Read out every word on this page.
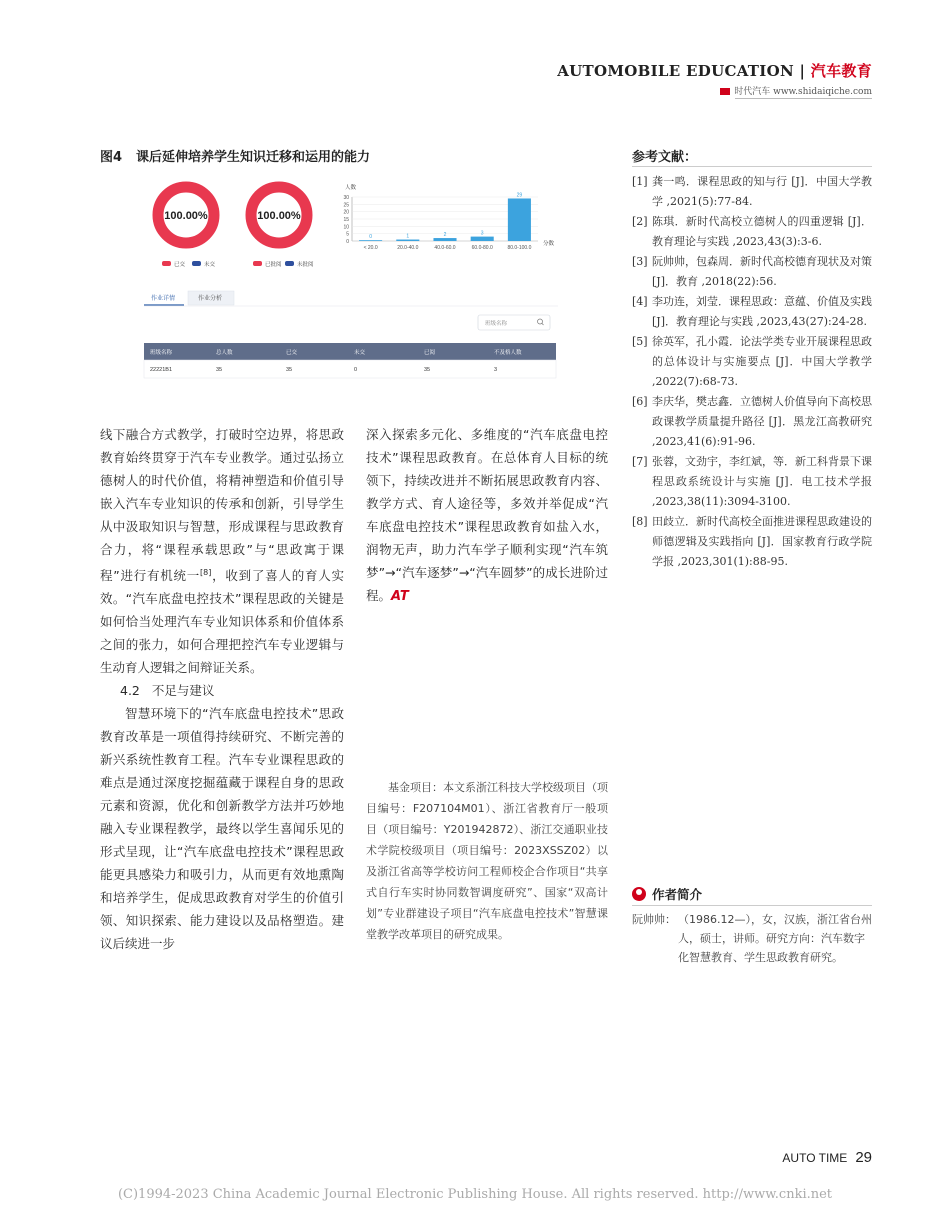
AUTOMOBILE EDUCATION | 汽车教育
时代汽车 www.shidaiqiche.com
图4 课后延伸培养学生知识迁移和运用的能力
100.00%
已交	未交
100.00%
已批阅	未批阅
人数
分数
30
25
20
15
10
5
0
0
< 20.0
1
20.0-40.0
2
40.0-60.0
3
60.0-80.0
29
80.0-100.0
作业详情	作业分析
班级名称
班级名称	总人数	已交	未交	已阅	不及格人数
22221B1	35	35	0	35	3

线下融合方式教学，打破时空边界，将思政教育始终贯穿于汽车专业教学。通过弘扬立德树人的时代价值，将精神塑造和价值引导嵌入汽车专业知识的传承和创新，引导学生从中汲取知识与智慧，形成课程与思政教育合力，将“课程承载思政”与“思政寓于课程”进行有机统一[8]，收到了喜人的育人实效。“汽车底盘电控技术”课程思政的关键是如何恰当处理汽车专业知识体系和价值体系之间的张力，如何合理把控汽车专业逻辑与生动育人逻辑之间辩证关系。

4.2 不足与建议

智慧环境下的“汽车底盘电控技术”思政教育改革是一项值得持续研究、不断完善的新兴系统性教育工程。汽车专业课程思政的难点是通过深度挖掘蕴藏于课程自身的思政元素和资源，优化和创新教学方法并巧妙地融入专业课程教学，最终以学生喜闻乐见的形式呈现，让“汽车底盘电控技术”课程思政能更具感染力和吸引力，从而更有效地熏陶和培养学生，促成思政教育对学生的价值引领、知识探索、能力建设以及品格塑造。建议后续进一步

深入探索多元化、多维度的“汽车底盘电控技术”课程思政教育。在总体育人目标的统领下，持续改进并不断拓展思政教育内容、教学方式、育人途径等，多效并举促成“汽车底盘电控技术”课程思政教育如盐入水，润物无声，助力汽车学子顺利实现“汽车筑梦”→“汽车逐梦”→“汽车圆梦”的成长进阶过程。AT

基金项目：本文系浙江科技大学校级项目（项目编号：F207104M01）、浙江省教育厅一般项目（项目编号：Y201942872）、浙江交通职业技术学院校级项目（项目编号：2023XSSZ02）以及浙江省高等学校访问工程师校企合作项目“共享式自行车实时协同数智调度研究”、国家“双高计划”专业群建设子项目“汽车底盘电控技术”智慧课堂教学改革项目的研究成果。

参考文献：
[1] 龚一鸣．课程思政的知与行 [J]．中国大学教学 ,2021(5):77-84.
[2] 陈琪．新时代高校立德树人的四重逻辑 [J]．教育理论与实践 ,2023,43(3):3-6.
[3] 阮帅帅，包森周．新时代高校德育现状及对策 [J]．教育 ,2018(22):56.
[4] 李功连，刘莹．课程思政：意蕴、价值及实践 [J]．教育理论与实践 ,2023,43(27):24-28.
[5] 徐英军，孔小霞．论法学类专业开展课程思政的总体设计与实施要点 [J]．中国大学教学 ,2022(7):68-73.
[6] 李庆华，樊志鑫．立德树人价值导向下高校思政课教学质量提升路径 [J]．黑龙江高教研究 ,2023,41(6):91-96.
[7] 张蓉，文劲宇，李红斌，等．新工科背景下课程思政系统设计与实施 [J]．电工技术学报 ,2023,38(11):3094-3100.
[8] 田歧立．新时代高校全面推进课程思政建设的师德逻辑及实践指向 [J]．国家教育行政学院学报 ,2023,301(1):88-95.
作者简介
阮帅帅： （1986.12—），女，汉族，浙江省台州人，硕士，讲师。研究方向：汽车数字化智慧教育、学生思政教育研究。
AUTO TIME 29
(C)1994-2023 China Academic Journal Electronic Publishing House. All rights reserved. http://www.cnki.net
